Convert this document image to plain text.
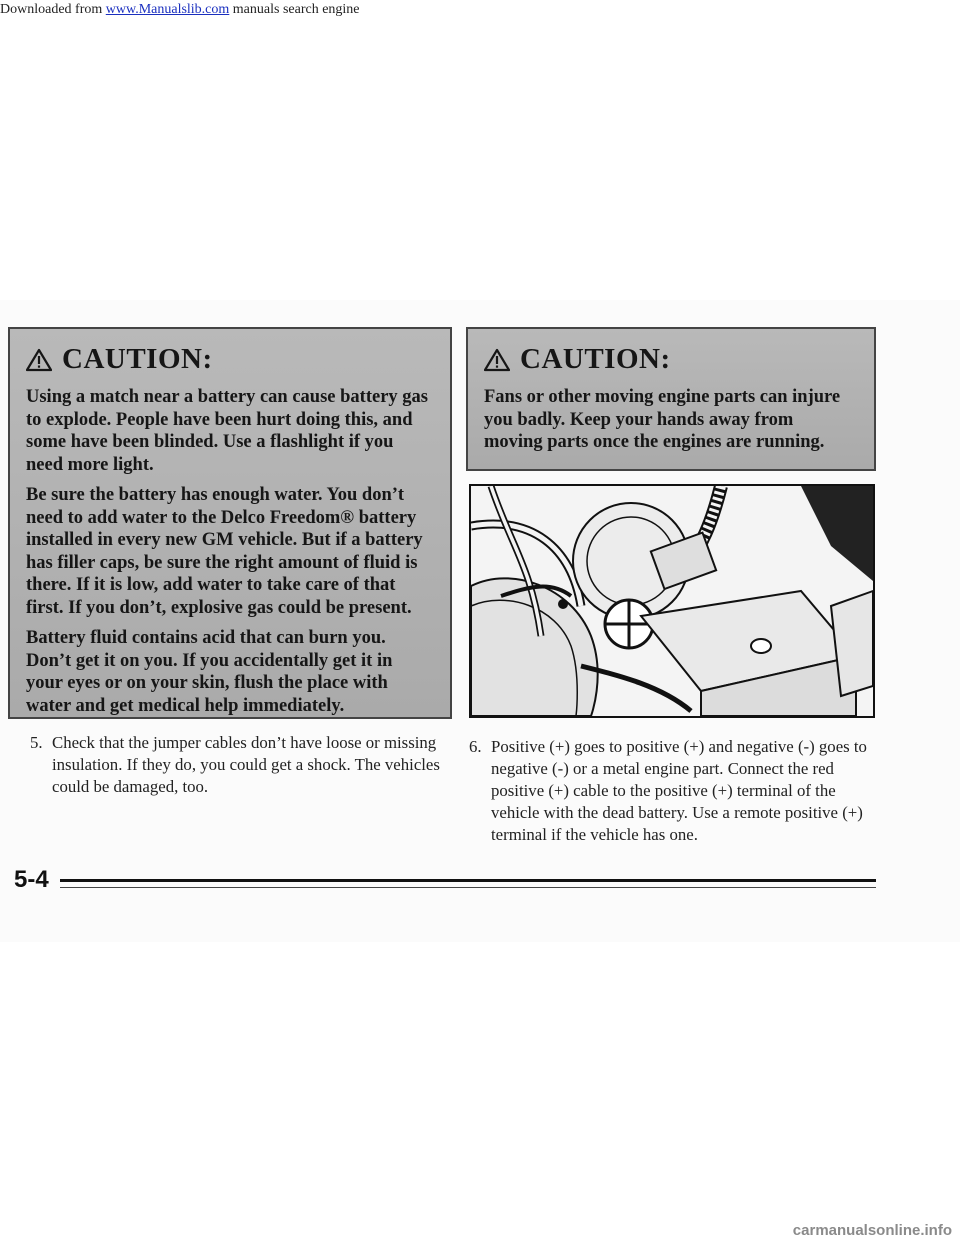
Downloaded from www.Manualslib.com manuals search engine
CAUTION:

Using a match near a battery can cause battery gas to explode. People have been hurt doing this, and some have been blinded. Use a flashlight if you need more light.

Be sure the battery has enough water. You don’t need to add water to the Delco Freedom® battery installed in every new GM vehicle. But if a battery has filler caps, be sure the right amount of fluid is there. If it is low, add water to take care of that first. If you don’t, explosive gas could be present.

Battery fluid contains acid that can burn you. Don’t get it on you. If you accidentally get it in your eyes or on your skin, flush the place with water and get medical help immediately.

CAUTION:

Fans or other moving engine parts can injure you badly. Keep your hands away from moving parts once the engines are running.

5. Check that the jumper cables don’t have loose or missing insulation. If they do, you could get a shock. The vehicles could be damaged, too.
6. Positive (+) goes to positive (+) and negative (-) goes to negative (-) or a metal engine part. Connect the red positive (+) cable to the positive (+) terminal of the vehicle with the dead battery. Use a remote positive (+) terminal if the vehicle has one.
5-4
carmanualsonline.info
